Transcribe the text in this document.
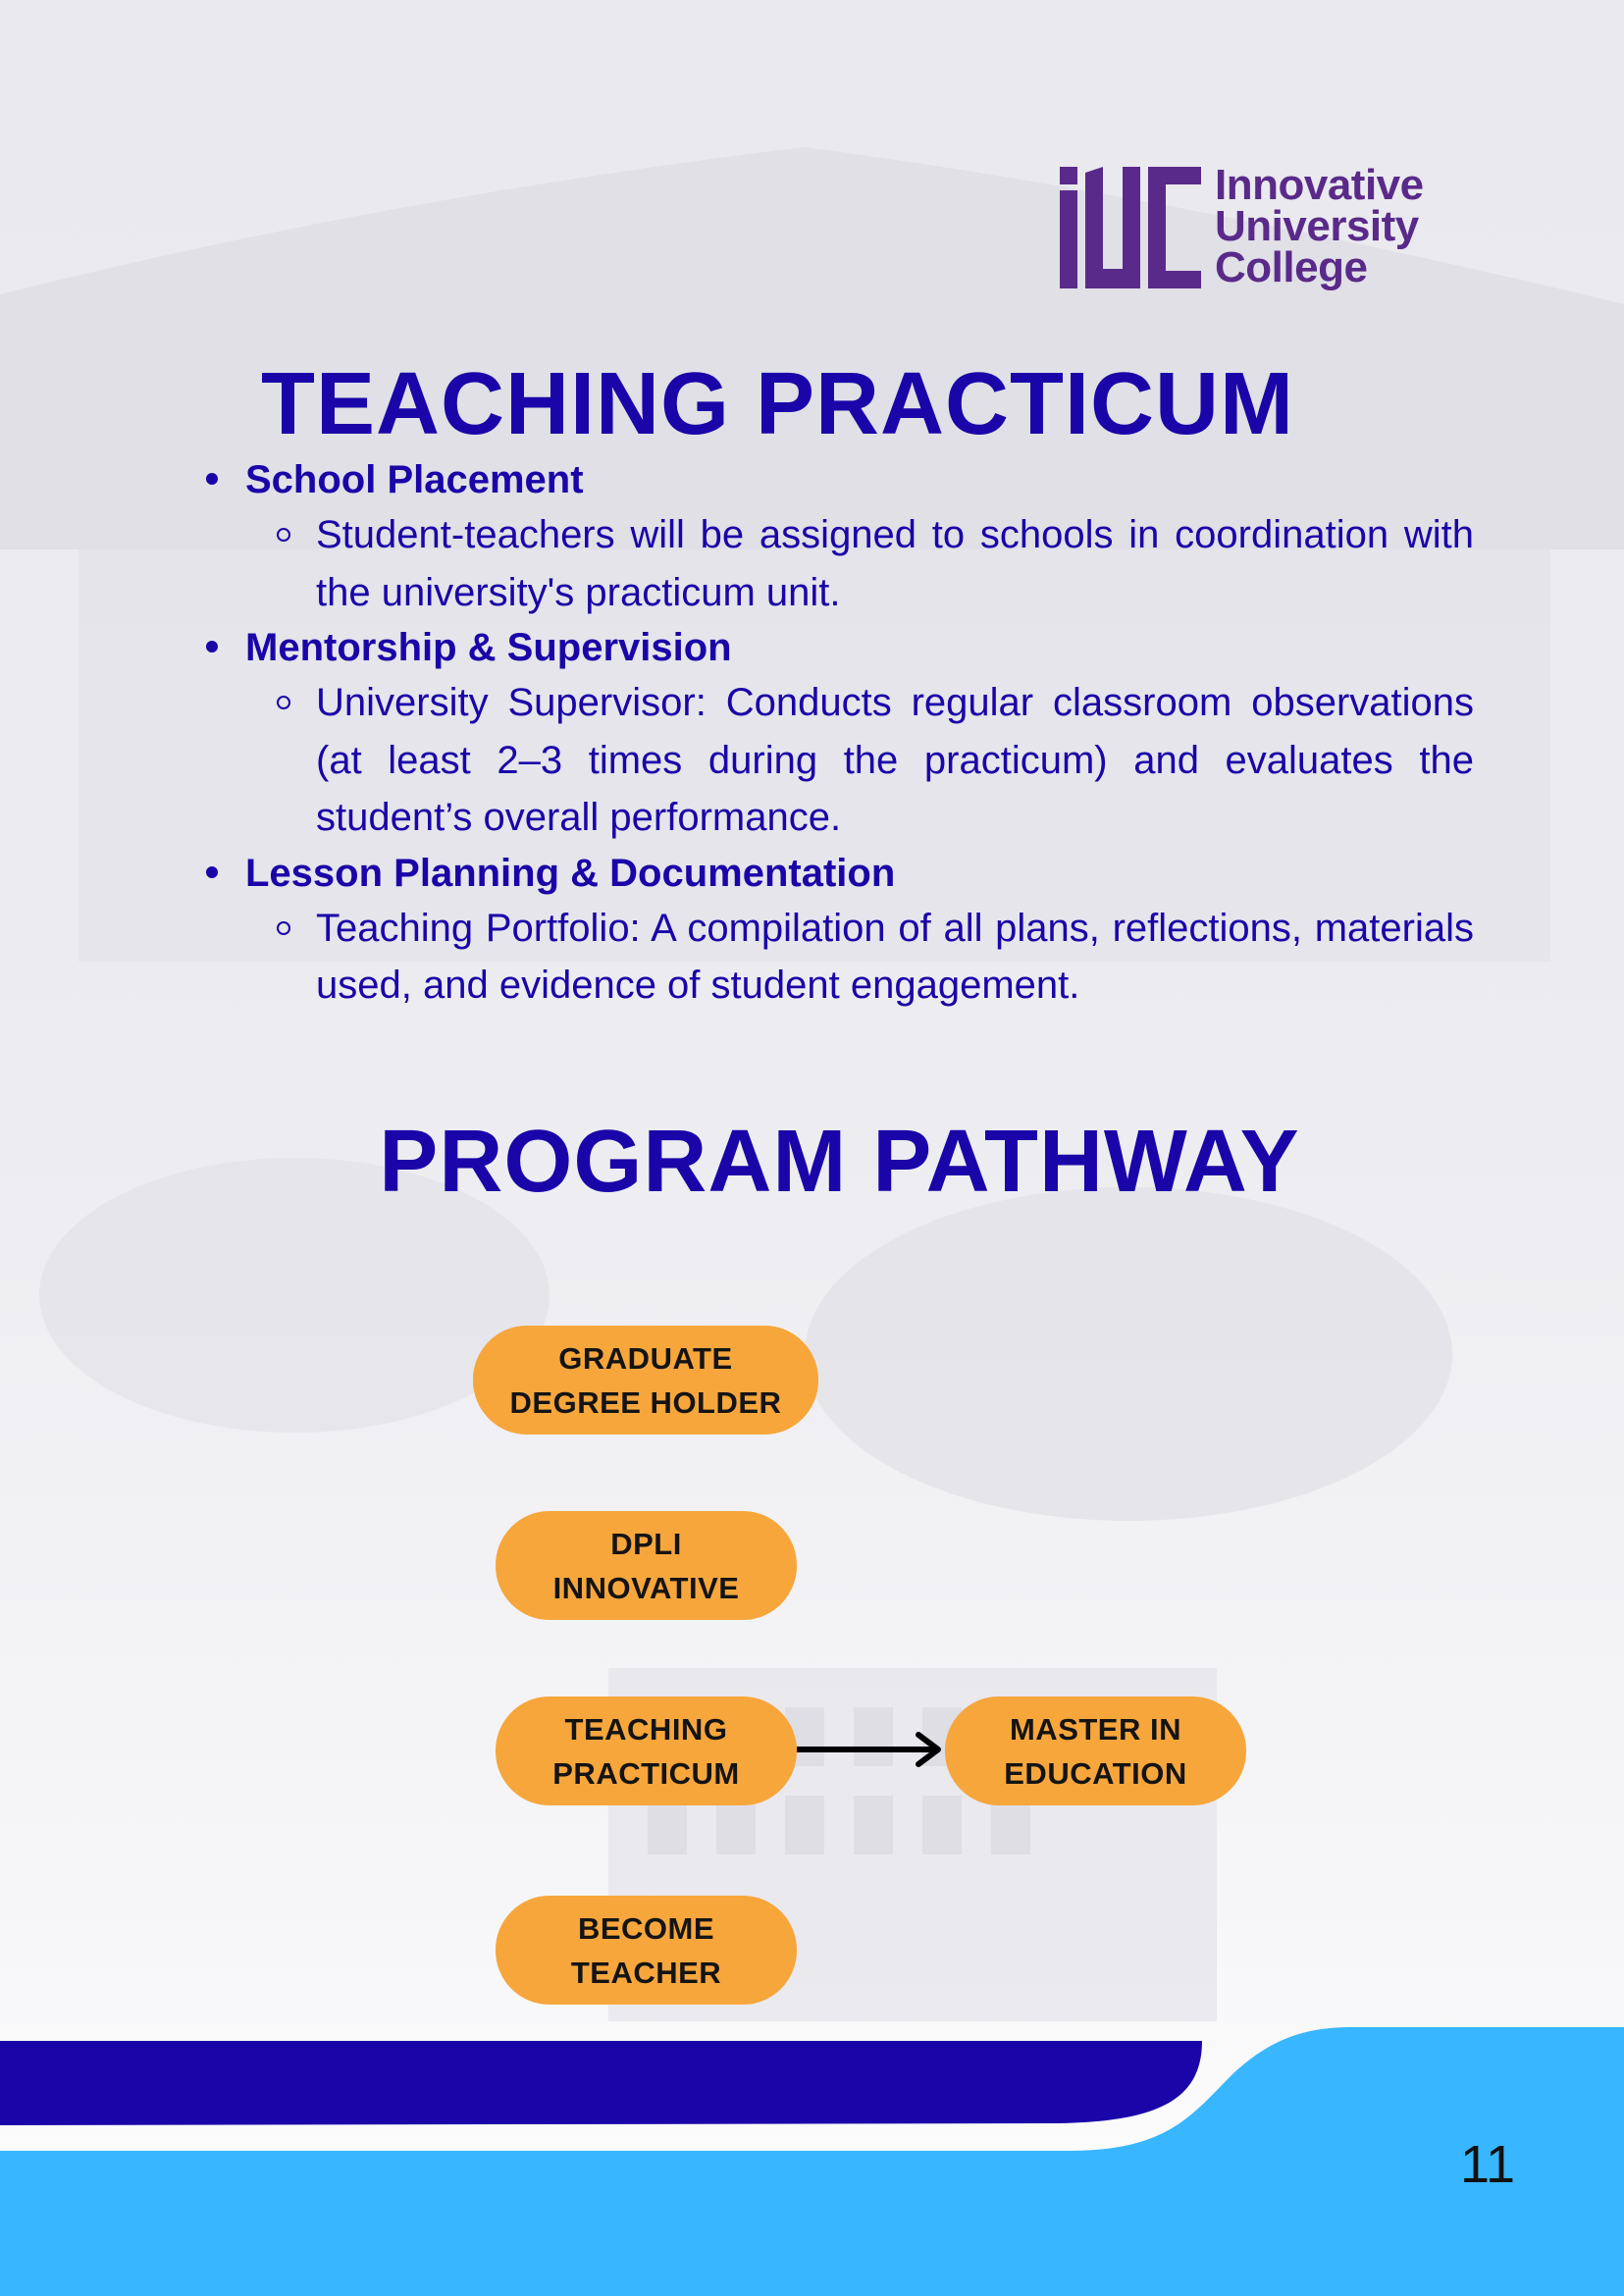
Innovative
University
College
TEACHING PRACTICUM
School Placement
Student-teachers will be assigned to schools in coordination with the university's practicum unit.
Mentorship & Supervision
University Supervisor: Conducts regular classroom observations (at least 2–3 times during the practicum) and evaluates the student’s overall performance.
Lesson Planning & Documentation
Teaching Portfolio: A compilation of all plans, reflections, materials used, and evidence of student engagement.
PROGRAM PATHWAY
GRADUATE
DEGREE HOLDER
DPLI
INNOVATIVE
TEACHING
PRACTICUM
MASTER IN
EDUCATION
BECOME
TEACHER
11
